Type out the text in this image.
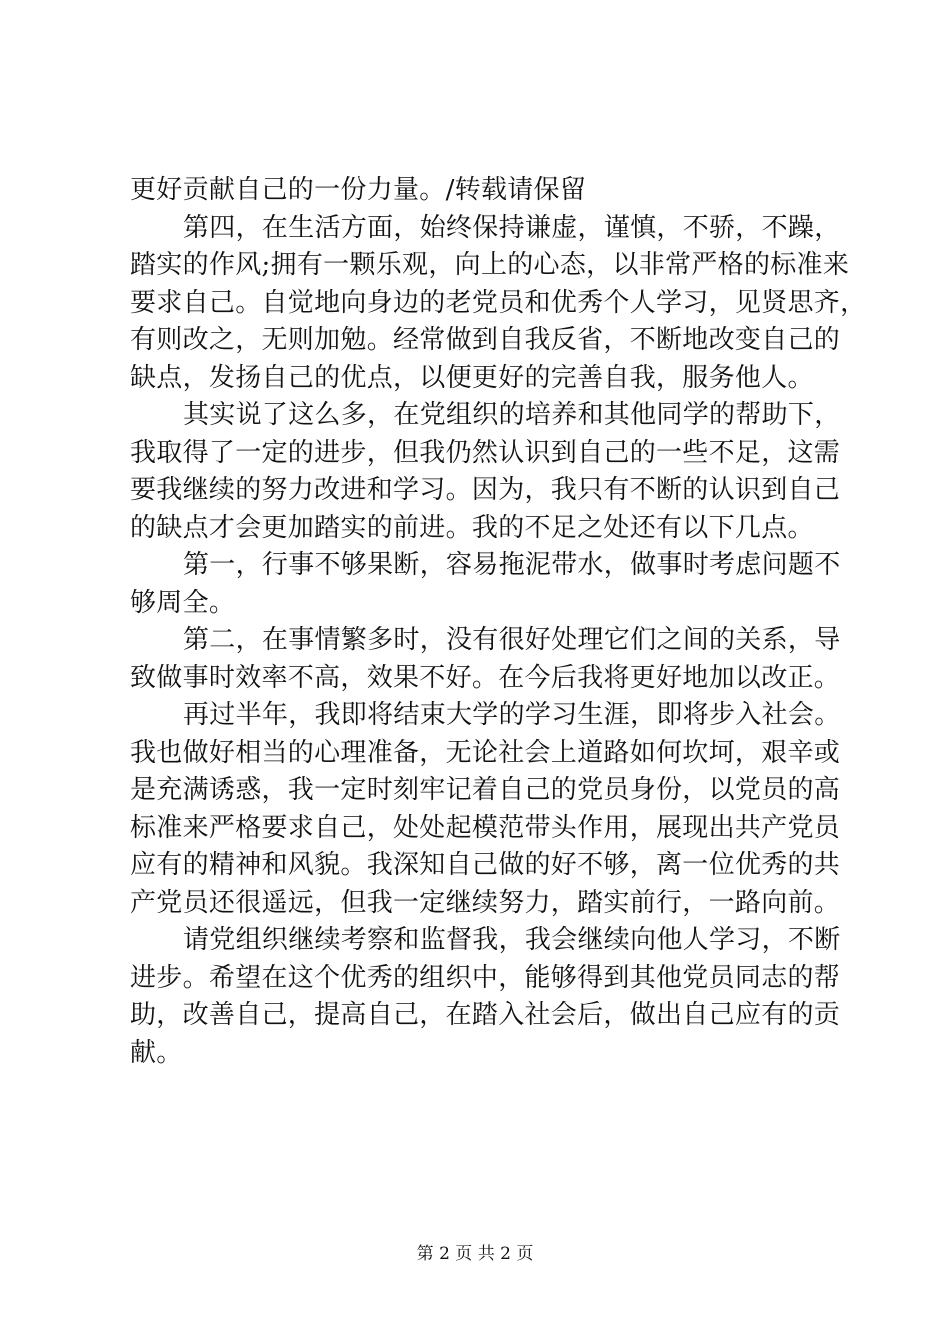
更好贡献自己的一份力量。/转载请保留
第四，在生活方面，始终保持谦虚，谨慎，不骄，不躁，
踏实的作风;拥有一颗乐观，向上的心态，以非常严格的标准来
要求自己。自觉地向身边的老党员和优秀个人学习，见贤思齐，
有则改之，无则加勉。经常做到自我反省，不断地改变自己的
缺点，发扬自己的优点，以便更好的完善自我，服务他人。
其实说了这么多，在党组织的培养和其他同学的帮助下，
我取得了一定的进步，但我仍然认识到自己的一些不足，这需
要我继续的努力改进和学习。因为，我只有不断的认识到自己
的缺点才会更加踏实的前进。我的不足之处还有以下几点。
第一，行事不够果断，容易拖泥带水，做事时考虑问题不
够周全。
第二，在事情繁多时，没有很好处理它们之间的关系，导
致做事时效率不高，效果不好。在今后我将更好地加以改正。
再过半年，我即将结束大学的学习生涯，即将步入社会。
我也做好相当的心理准备，无论社会上道路如何坎坷，艰辛或
是充满诱惑，我一定时刻牢记着自己的党员身份，以党员的高
标准来严格要求自己，处处起模范带头作用，展现出共产党员
应有的精神和风貌。我深知自己做的好不够，离一位优秀的共
产党员还很遥远，但我一定继续努力，踏实前行，一路向前。
请党组织继续考察和监督我，我会继续向他人学习，不断
进步。希望在这个优秀的组织中，能够得到其他党员同志的帮
助，改善自己，提高自己，在踏入社会后，做出自己应有的贡
献。
第 2 页 共 2 页
